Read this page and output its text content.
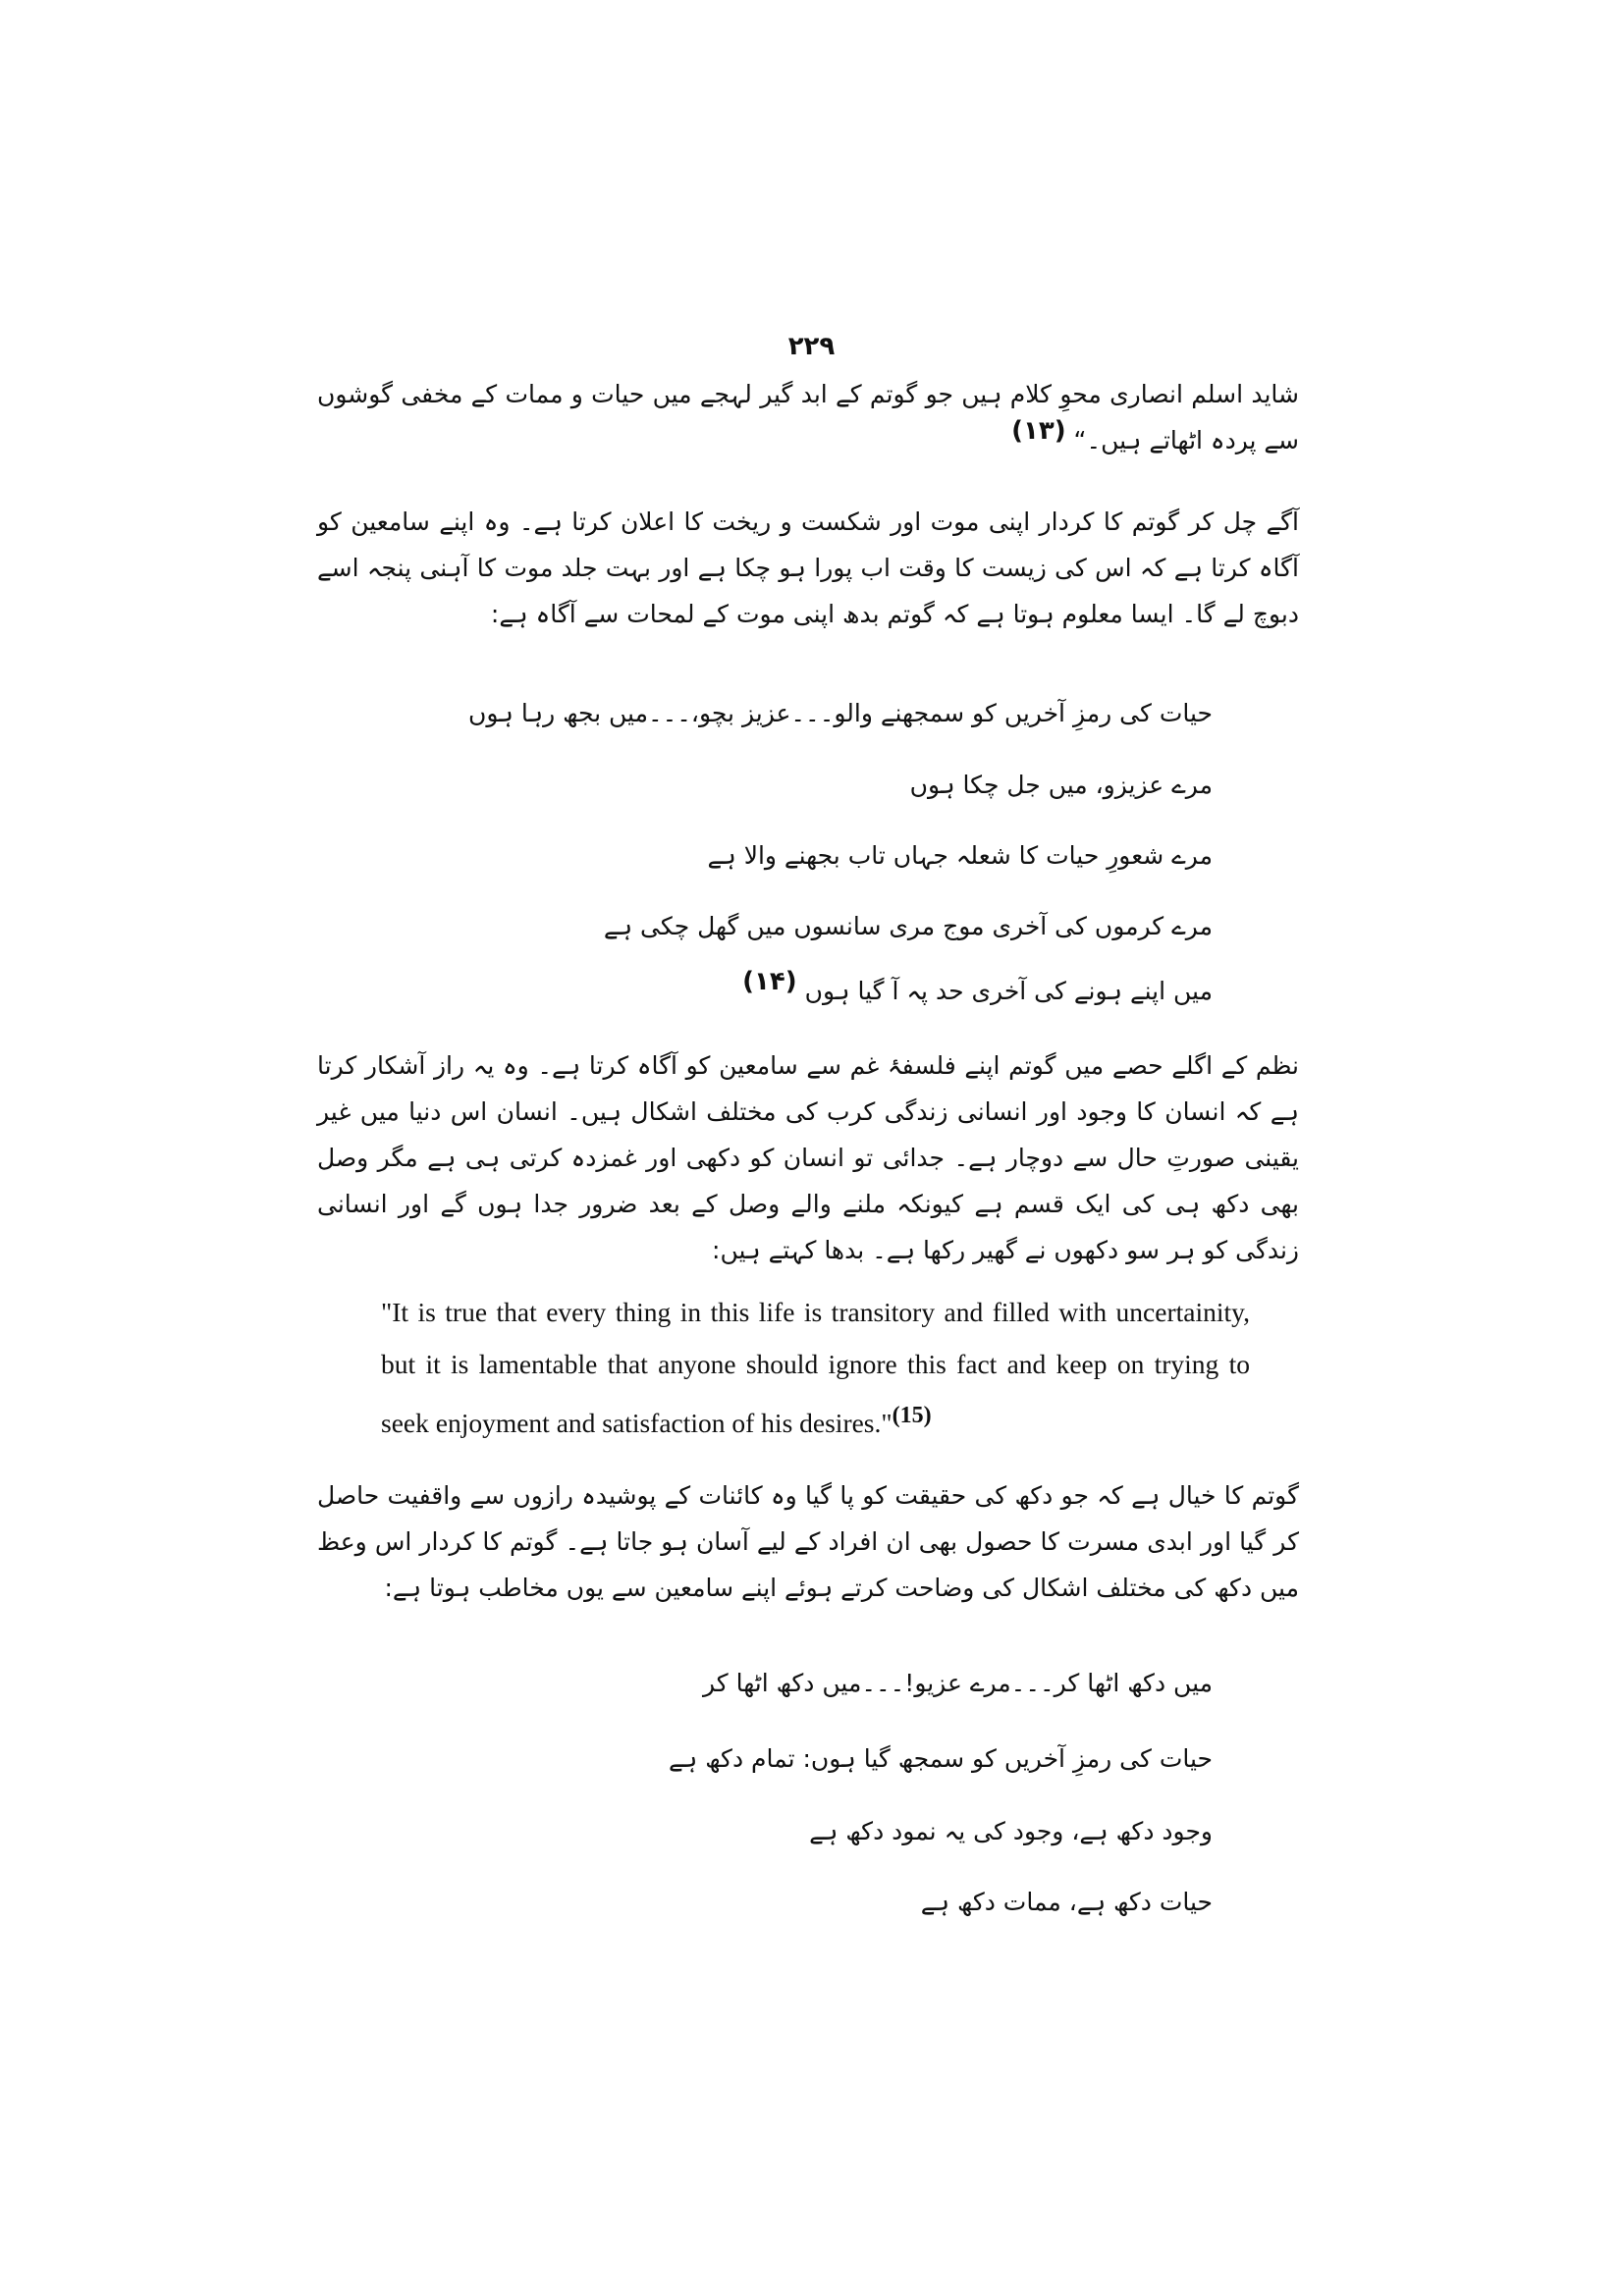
۲۲۹

شاید اسلم انصاری محوِ کلام ہیں جو گوتم کے ابد گیر لہجے میں حیات و ممات کے مخفی گوشوں سے پردہ اٹھاتے ہیں۔“ (۱۳)

آگے چل کر گوتم کا کردار اپنی موت اور شکست و ریخت کا اعلان کرتا ہے۔ وہ اپنے سامعین کو آگاہ کرتا ہے کہ اس کی زیست کا وقت اب پورا ہو چکا ہے اور بہت جلد موت کا آہنی پنجہ اسے دبوچ لے گا۔ ایسا معلوم ہوتا ہے کہ گوتم بدھ اپنی موت کے لمحات سے آگاہ ہے:

حیات کی رمزِ آخریں کو سمجھنے والو۔۔۔عزیز بچو،۔۔۔میں بجھ رہا ہوں
مرے عزیزو، میں جل چکا ہوں
مرے شعورِ حیات کا شعلہ جہاں تاب بجھنے والا ہے
مرے کرموں کی آخری موج مری سانسوں میں گھل چکی ہے
میں اپنے ہونے کی آخری حد پہ آ گیا ہوں (۱۴)

نظم کے اگلے حصے میں گوتم اپنے فلسفۂ غم سے سامعین کو آگاہ کرتا ہے۔ وہ یہ راز آشکار کرتا ہے کہ انسان کا وجود اور انسانی زندگی کرب کی مختلف اشکال ہیں۔ انسان اس دنیا میں غیر یقینی صورتِ حال سے دوچار ہے۔ جدائی تو انسان کو دکھی اور غمزدہ کرتی ہی ہے مگر وصل بھی دکھ ہی کی ایک قسم ہے کیونکہ ملنے والے وصل کے بعد ضرور جدا ہوں گے اور انسانی زندگی کو ہر سو دکھوں نے گھیر رکھا ہے۔ بدھا کہتے ہیں:

"It is true that every thing in this life is transitory and filled with uncertainity, but it is lamentable that anyone should ignore this fact and keep on trying to seek enjoyment and satisfaction of his desires."$^{(15)}$

گوتم کا خیال ہے کہ جو دکھ کی حقیقت کو پا گیا وہ کائنات کے پوشیدہ رازوں سے واقفیت حاصل کر گیا اور ابدی مسرت کا حصول بھی ان افراد کے لیے آسان ہو جاتا ہے۔ گوتم کا کردار اس وعظ میں دکھ کی مختلف اشکال کی وضاحت کرتے ہوئے اپنے سامعین سے یوں مخاطب ہوتا ہے:

میں دکھ اٹھا کر۔۔۔مرے عزیو!۔۔۔میں دکھ اٹھا کر
حیات کی رمزِ آخریں کو سمجھ گیا ہوں: تمام دکھ ہے
وجود دکھ ہے، وجود کی یہ نمود دکھ ہے
حیات دکھ ہے، ممات دکھ ہے
